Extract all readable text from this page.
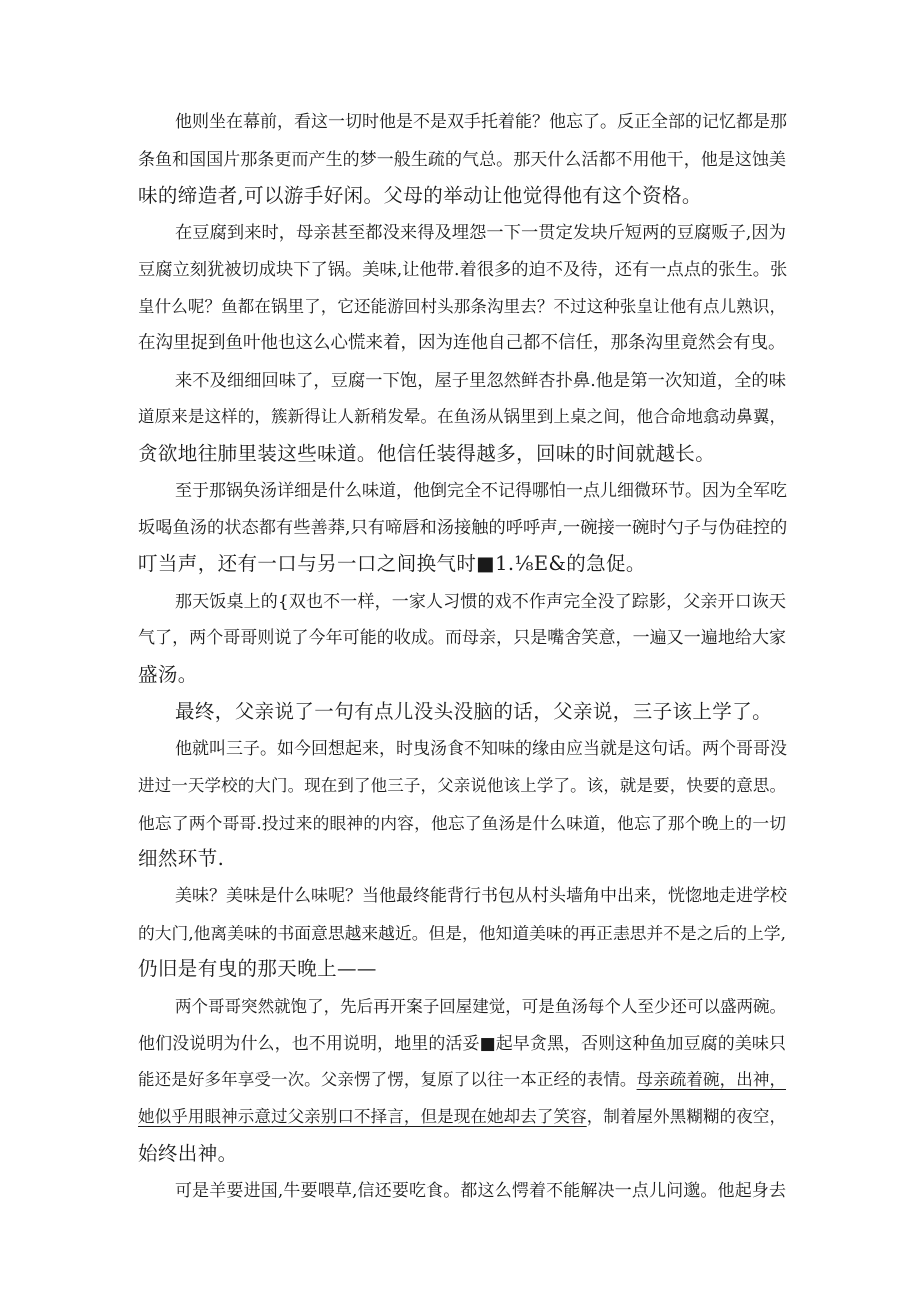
他则坐在幕前，看这一切时他是不是双手托着能？他忘了。反正全部的记忆都是那
条鱼和国国片那条更而产生的梦一般生疏的气总。那天什么活都不用他干，他是这蚀美
味的缔造者,可以游手好闲。父母的举动让他觉得他有这个资格。
在豆腐到来时，母亲甚至都没来得及埋怨一下一贯定发块斤短两的豆腐贩子,因为
豆腐立刻犹被切成块下了锅。美味,让他带.着很多的迫不及待，还有一点点的张生。张
皇什么呢？鱼都在锅里了，它还能游回村头那条沟里去？不过这种张皇让他有点儿熟识，
在沟里捉到鱼叶他也这么心慌来着，因为连他自己都不信任，那条沟里竟然会有曳。
来不及细细回味了，豆腐一下饱，屋子里忽然鲜杏扑鼻.他是第一次知道，全的味
道原来是这样的，簇新得让人新稍发晕。在鱼汤从锅里到上桌之间，他合命地翕动鼻翼，
贪欲地往肺里装这些味道。他信任装得越多，回味的时间就越长。
至于那锅奂汤详细是什么味道，他倒完全不记得哪怕一点儿细微环节。因为全军吃
坂喝鱼汤的状态都有些善莽,只有啼唇和汤接触的呼呼声,一碗接一碗时勺子与伪硅控的
叮当声，还有一口与另一口之间换气时■1.⅛E&的急促。
那天饭桌上的{双也不一样，一家人习惯的戏不作声完全没了踪影，父亲开口诙天
气了，两个哥哥则说了今年可能的收成。而母亲，只是嘴舍笑意，一遍又一遍地给大家
盛汤。
最终，父亲说了一句有点儿没头没脑的话，父亲说，三子该上学了。
他就叫三子。如今回想起来，时曳汤食不知味的缘由应当就是这句话。两个哥哥没
进过一天学校的大门。现在到了他三子，父亲说他该上学了。该，就是要，快要的意思。
他忘了两个哥哥.投过来的眼神的内容，他忘了鱼汤是什么味道，他忘了那个晚上的一切
细然环节.
美味？美味是什么味呢？当他最终能背行书包从村头墙角中出来，恍惚地走进学校
的大门,他离美味的书面意思越来越近。但是，他知道美味的再正恚思并不是之后的上学,
仍旧是有曳的那天晚上——
两个哥哥突然就饱了，先后再开案子回屋建觉，可是鱼汤每个人至少还可以盛两碗。
他们没说明为什么，也不用说明，地里的活妥■起早贪黑，否则这种鱼加豆腐的美味只
能还是好多年享受一次。父亲愣了愣，复原了以往一本正经的表情。母亲疏着碗，出神，
她似乎用眼神示意过父亲别口不择言，但是现在她却去了笑容，制着屋外黑糊糊的夜空，
始终出神。
可是羊要进国,牛要喂草,信还要吃食。都这么愕着不能解决一点儿问邈。他起身去
